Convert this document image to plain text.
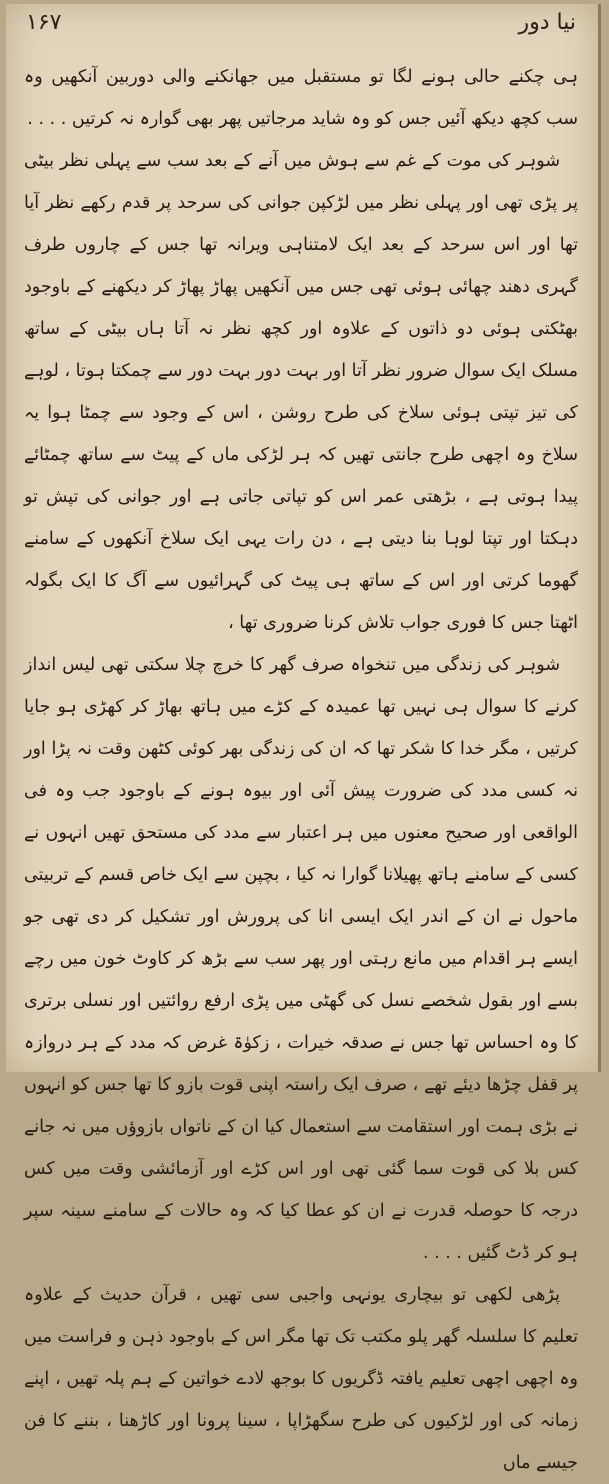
۱۶۷	نیا دور

ہی چکنے حالی ہونے لگا تو مستقبل میں جھانکنے والی دوربین آنکھیں وہ سب کچھ دیکھ آئیں جس کو وہ شاید مرجاتیں پھر بھی گوارہ نہ کرتیں . . . .

شوہر کی موت کے غم سے ہوش میں آنے کے بعد سب سے پہلی نظر بیٹی پر پڑی تھی اور پہلی نظر میں لڑکپن جوانی کی سرحد پر قدم رکھے نظر آیا تھا اور اس سرحد کے بعد ایک لامتناہی ویرانہ تھا جس کے چاروں طرف گہری دھند چھائی ہوئی تھی جس میں آنکھیں پھاڑ پھاڑ کر دیکھنے کے باوجود بھٹکتی ہوئی دو ذاتوں کے علاوہ اور کچھ نظر نہ آتا ہاں بیٹی کے ساتھ مسلک ایک سوال ضرور نظر آتا اور بہت دور بہت دور سے چمکتا ہوتا ، لوہے کی تیز تپتی ہوئی سلاخ کی طرح روشن ، اس کے وجود سے چمٹا ہوا یہ سلاخ وہ اچھی طرح جانتی تھیں کہ ہر لڑکی ماں کے پیٹ سے ساتھ چمٹائے پیدا ہوتی ہے ، بڑھتی عمر اس کو تپاتی جاتی ہے اور جوانی کی تپش تو دہکتا اور تپتا لوہا بنا دیتی ہے ، دن رات یہی ایک سلاخ آنکھوں کے سامنے گھوما کرتی اور اس کے ساتھ ہی پیٹ کی گہرائیوں سے آگ کا ایک بگولہ اٹھتا جس کا فوری جواب تلاش کرنا ضروری تھا ،

شوہر کی زندگی میں تنخواہ صرف گھر کا خرچ چلا سکتی تھی لیس انداز کرنے کا سوال ہی نہیں تھا عمیدہ کے کڑے میں ہاتھ بھاڑ کر کھڑی ہو جایا کرتیں ، مگر خدا کا شکر تھا کہ ان کی زندگی بھر کوئی کٹھن وقت نہ پڑا اور نہ کسی مدد کی ضرورت پیش آئی اور بیوہ ہونے کے باوجود جب وہ فی الواقعی اور صحیح معنوں میں ہر اعتبار سے مدد کی مستحق تھیں انہوں نے کسی کے سامنے ہاتھ پھیلانا گوارا نہ کیا ، بچپن سے ایک خاص قسم کے تربیتی ماحول نے ان کے اندر ایک ایسی انا کی پرورش اور تشکیل کر دی تھی جو ایسے ہر اقدام میں مانع رہتی اور پھر سب سے بڑھ کر کاوٹ خون میں رچے بسے اور بقول شخصے نسل کی گھٹی میں پڑی ارفع روائتیں اور نسلی برتری کا وہ احساس تھا جس نے صدقہ خیرات ، زکوٰۃ غرض کہ مدد کے ہر دروازہ پر قفل چڑھا دیئے تھے ، صرف ایک راستہ اپنی قوت بازو کا تھا جس کو انہوں نے بڑی ہمت اور استقامت سے استعمال کیا ان کے ناتواں بازوؤں میں نہ جانے کس بلا کی قوت سما گئی تھی اور اس کڑے اور آزمائشی وقت میں کس درجہ کا حوصلہ قدرت نے ان کو عطا کیا کہ وہ حالات کے سامنے سینہ سپر ہو کر ڈٹ گئیں . . . .

پڑھی لکھی تو بیچاری یونہی واجبی سی تھیں ، قرآن حدیث کے علاوہ تعلیم کا سلسلہ گھر پلو مکتب تک تھا مگر اس کے باوجود ذہن و فراست میں وہ اچھی اچھی تعلیم یافتہ ڈگریوں کا بوجھ لادے خواتین کے ہم پلہ تھیں ، اپنے زمانہ کی اور لڑکیوں کی طرح سگھڑاپا ، سینا پرونا اور کاڑھنا ، بننے کا فن جیسے ماں
